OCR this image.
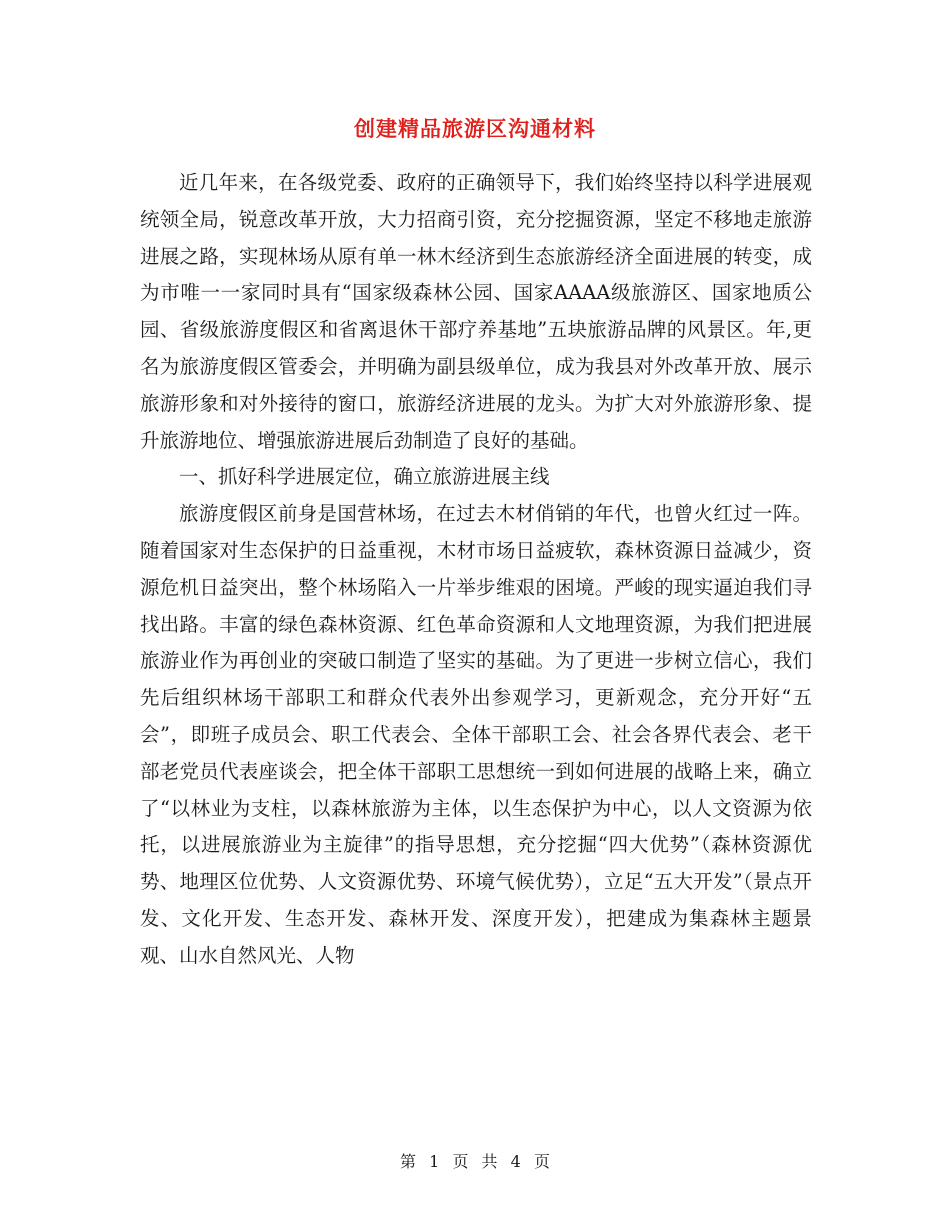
创建精品旅游区沟通材料

近几年来，在各级党委、政府的正确领导下，我们始终坚持以科学进展观统领全局，锐意改革开放，大力招商引资，充分挖掘资源，坚定不移地走旅游进展之路，实现林场从原有单一林木经济到生态旅游经济全面进展的转变，成为市唯一一家同时具有“国家级森林公园、国家AAAA级旅游区、国家地质公园、省级旅游度假区和省离退休干部疗养基地”五块旅游品牌的风景区。年,更名为旅游度假区管委会，并明确为副县级单位，成为我县对外改革开放、展示旅游形象和对外接待的窗口，旅游经济进展的龙头。为扩大对外旅游形象、提升旅游地位、增强旅游进展后劲制造了良好的基础。

一、抓好科学进展定位，确立旅游进展主线

旅游度假区前身是国营林场，在过去木材俏销的年代，也曾火红过一阵。随着国家对生态保护的日益重视，木材市场日益疲软，森林资源日益减少，资源危机日益突出，整个林场陷入一片举步维艰的困境。严峻的现实逼迫我们寻找出路。丰富的绿色森林资源、红色革命资源和人文地理资源，为我们把进展旅游业作为再创业的突破口制造了坚实的基础。为了更进一步树立信心，我们先后组织林场干部职工和群众代表外出参观学习，更新观念，充分开好“五会”，即班子成员会、职工代表会、全体干部职工会、社会各界代表会、老干部老党员代表座谈会，把全体干部职工思想统一到如何进展的战略上来，确立了“以林业为支柱，以森林旅游为主体，以生态保护为中心，以人文资源为依托，以进展旅游业为主旋律”的指导思想，充分挖掘“四大优势”（森林资源优势、地理区位优势、人文资源优势、环境气候优势），立足“五大开发”（景点开发、文化开发、生态开发、森林开发、深度开发），把建成为集森林主题景观、山水自然风光、人物

第 1 页 共 4 页
